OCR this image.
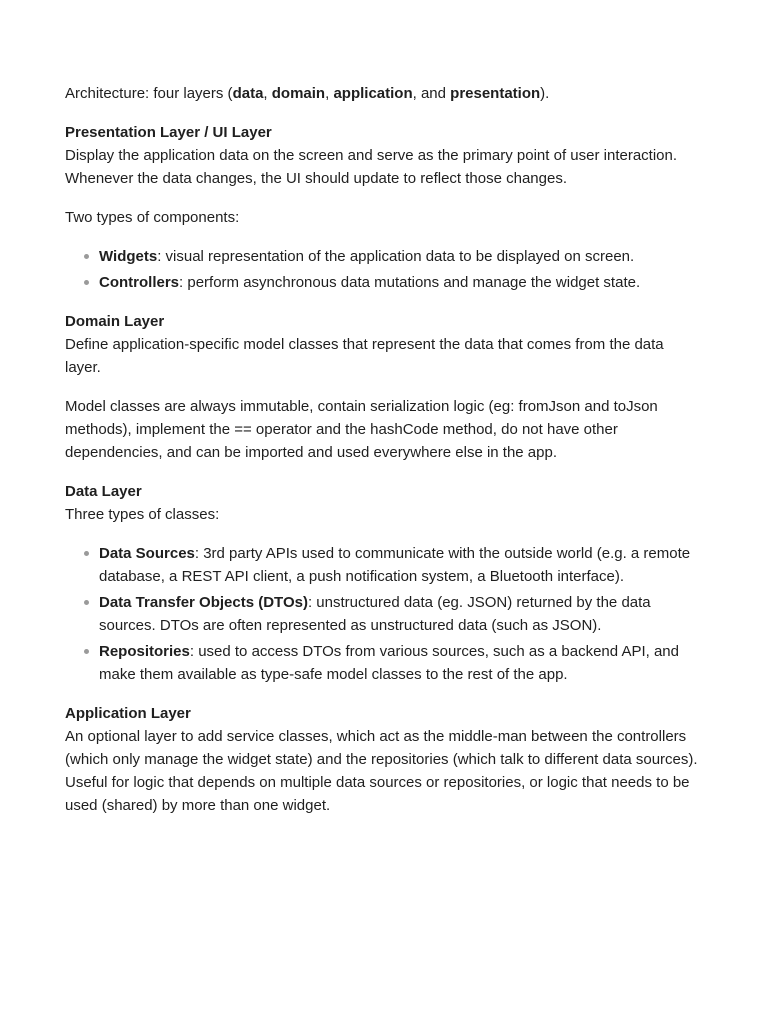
Architecture: four layers (data, domain, application, and presentation).

Presentation Layer / UI Layer

Display the application data on the screen and serve as the primary point of user interaction. Whenever the data changes, the UI should update to reflect those changes.

Two types of components:

Widgets: visual representation of the application data to be displayed on screen.
Controllers: perform asynchronous data mutations and manage the widget state.
Domain Layer

Define application-specific model classes that represent the data that comes from the data layer.

Model classes are always immutable, contain serialization logic (eg: fromJson and toJson methods), implement the == operator and the hashCode method, do not have other dependencies, and can be imported and used everywhere else in the app.

Data Layer

Three types of classes:

Data Sources: 3rd party APIs used to communicate with the outside world (e.g. a remote database, a REST API client, a push notification system, a Bluetooth interface).
Data Transfer Objects (DTOs): unstructured data (eg. JSON) returned by the data sources. DTOs are often represented as unstructured data (such as JSON).
Repositories: used to access DTOs from various sources, such as a backend API, and make them available as type-safe model classes to the rest of the app.
Application Layer

An optional layer to add service classes, which act as the middle-man between the controllers (which only manage the widget state) and the repositories (which talk to different data sources). Useful for logic that depends on multiple data sources or repositories, or logic that needs to be used (shared) by more than one widget.
